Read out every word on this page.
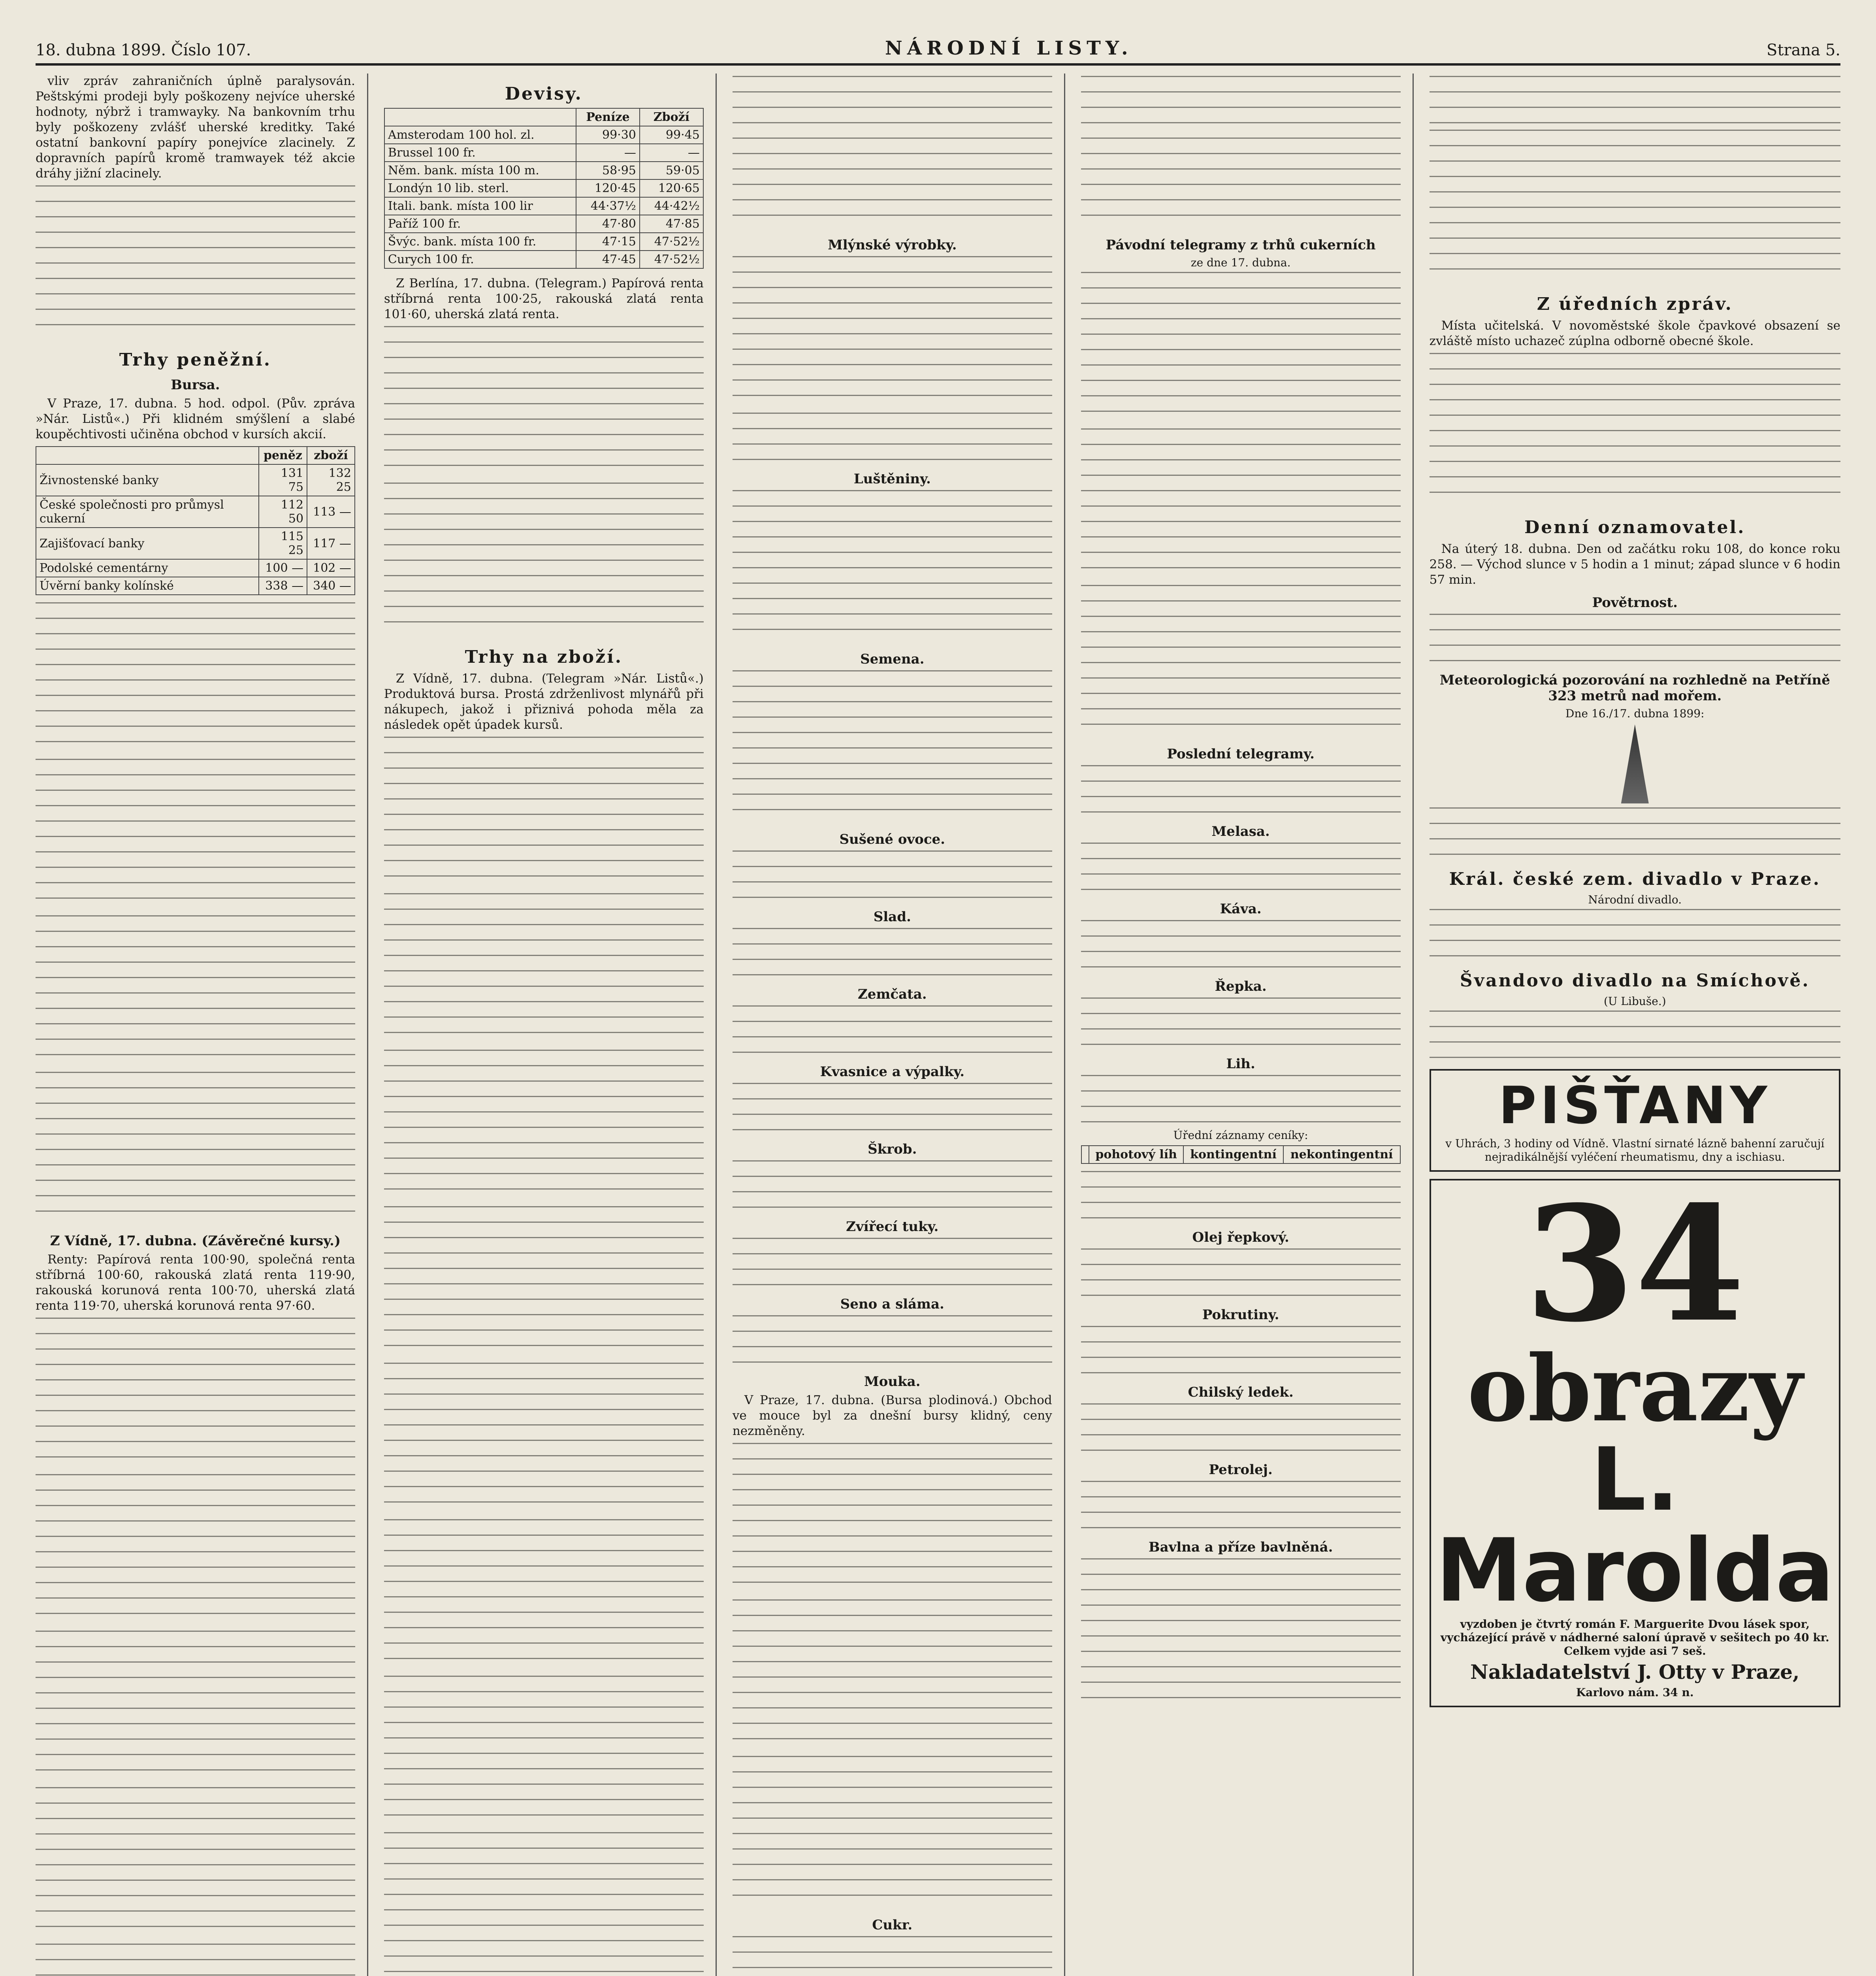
18. dubna 1899. Číslo 107.	NÁRODNÍ LISTY.	Strana 5.

vliv zpráv zahraničních úplně paralysován. Peštskými prodeji byly poškozeny nejvíce uherské hodnoty, nýbrž i tramwayky. Na bankovním trhu byly poškozeny zvlášť uherské kreditky. Také ostatní bankovní papíry ponejvíce zlacinely. Z dopravních papírů kromě tramwayek též akcie dráhy jižní zlacinely.

Trhy peněžní.
Bursa.

V Praze, 17. dubna. 5 hod. odpol. (Pův. zpráva »Nár. Listů«.) Při klidném smýšlení a slabé koupěchtivosti učiněna obchod v kursích akcií.

	peněz	zboží
Živnostenské banky	131 75	132 25
České společnosti pro průmysl cukerní	112 50	113 —
Zajišťovací banky	115 25	117 —
Podolské cementárny	100 —	102 —
Úvěrní banky kolínské	338 —	340 —
Z Vídně, 17. dubna. (Závěrečné kursy.)

Renty: Papírová renta 100·90, společná renta stříbrná 100·60, rakouská zlatá renta 119·90, rakouská korunová renta 100·70, uherská zlatá renta 119·70, uherská korunová renta 97·60.

Devisy.
	Peníze	Zboží
Amsterodam 100 hol. zl.	99·30	99·45
Brussel 100 fr.	—	—
Něm. bank. místa 100 m.	58·95	59·05
Londýn 10 lib. sterl.	120·45	120·65
Itali. bank. místa 100 lir	44·37½	44·42½
Paříž 100 fr.	47·80	47·85
Švýc. bank. místa 100 fr.	47·15	47·52½
Curych 100 fr.	47·45	47·52½

Z Berlína, 17. dubna. (Telegram.) Papírová renta stříbrná renta 100·25, rakouská zlatá renta 101·60, uherská zlatá renta.

Trhy na zboží.

Z Vídně, 17. dubna. (Telegram »Nár. Listů«.) Produktová bursa. Prostá zdrženlivost mlynářů při nákupech, jakož i přiznivá pohoda měla za následek opět úpadek kursů.

Mlýnské výrobky.
Luštěniny.
Semena.
Sušené ovoce.
Slad.
Zemčata.
Kvasnice a výpalky.
Škrob.
Zvířecí tuky.
Seno a sláma.
Mouka.

V Praze, 17. dubna. (Bursa plodinová.) Obchod ve mouce byl za dnešní bursy klidný, ceny nezměněny.

Cukr.
Pávodní telegramy z trhů cukerních
ze dne 17. dubna.
Poslední telegramy.
Melasa.
Káva.
Řepka.
Lih.
Úřední záznamy ceníky:
	pohotový líh	kontingentní	nekontingentní
Olej řepkový.
Pokrutiny.
Chilský ledek.
Petrolej.
Bavlna a příze bavlněná.
Z úředních zpráv.

Místa učitelská. V novoměstské škole čpavkové obsazení se zvláště místo uchazeč zúplna odborně obecné škole.

Denní oznamovatel.

Na úterý 18. dubna. Den od začátku roku 108, do konce roku 258. — Východ slunce v 5 hodin a 1 minut; západ slunce v 6 hodin 57 min.

Povětrnost.
Meteorologická pozorování na rozhledně na Petříně 323 metrů nad mořem.
Dne 16./17. dubna 1899:
Král. české zem. divadlo v Praze.
Národní divadlo.
Švandovo divadlo na Smíchově.
(U Libuše.)
PIŠŤANY
v Uhrách, 3 hodiny od Vídně. Vlastní sirnaté lázně bahenní zaručují nejradikálnější vyléčení rheumatismu, dny a ischiasu.
34
obrazy
L. Marolda
vyzdoben je čtvrtý román F. Marguerite Dvou lásek spor, vycházející právě v nádherné saloní úpravě v sešitech po 40 kr. Celkem vyjde asi 7 seš.
Nakladatelství J. Otty v Praze,
Karlovo nám. 34 n.
